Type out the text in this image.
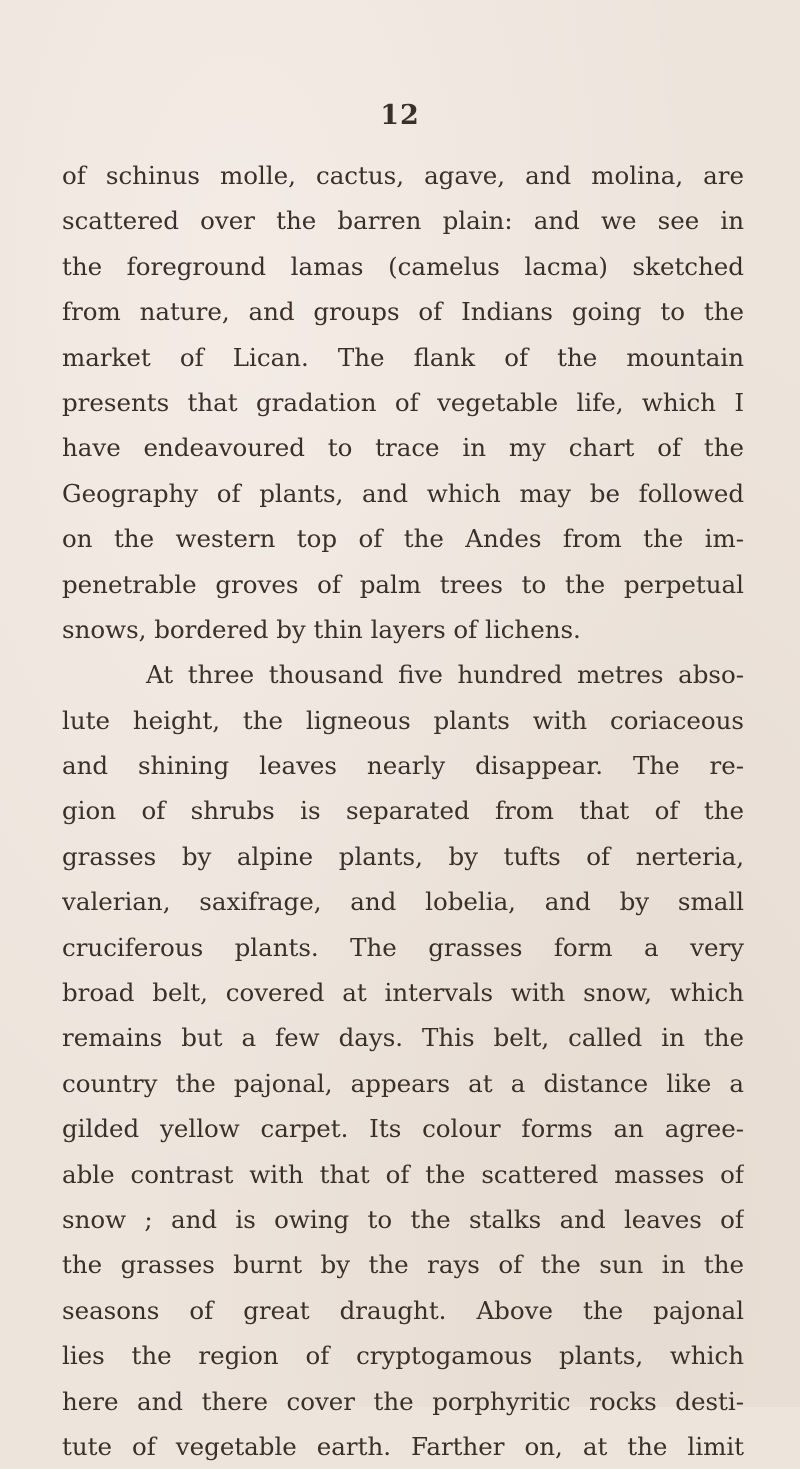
12
of schinus molle, cactus, agave, and molina, are
scattered over the barren plain: and we see in
the foreground lamas (camelus lacma) sketched
from nature, and groups of Indians going to the
market of Lican. The flank of the mountain
presents that gradation of vegetable life, which I
have endeavoured to trace in my chart of the
Geography of plants, and which may be followed
on the western top of the Andes from the im-
penetrable groves of palm trees to the perpetual
snows, bordered by thin layers of lichens.
At three thousand five hundred metres abso-
lute height, the ligneous plants with coriaceous
and shining leaves nearly disappear. The re-
gion of shrubs is separated from that of the
grasses by alpine plants, by tufts of nerteria,
valerian, saxifrage, and lobelia, and by small
cruciferous plants. The grasses form a very
broad belt, covered at intervals with snow, which
remains but a few days. This belt, called in the
country the pajonal, appears at a distance like a
gilded yellow carpet. Its colour forms an agree-
able contrast with that of the scattered masses of
snow ; and is owing to the stalks and leaves of
the grasses burnt by the rays of the sun in the
seasons of great draught. Above the pajonal
lies the region of cryptogamous plants, which
here and there cover the porphyritic rocks desti-
tute of vegetable earth. Farther on, at the limit
